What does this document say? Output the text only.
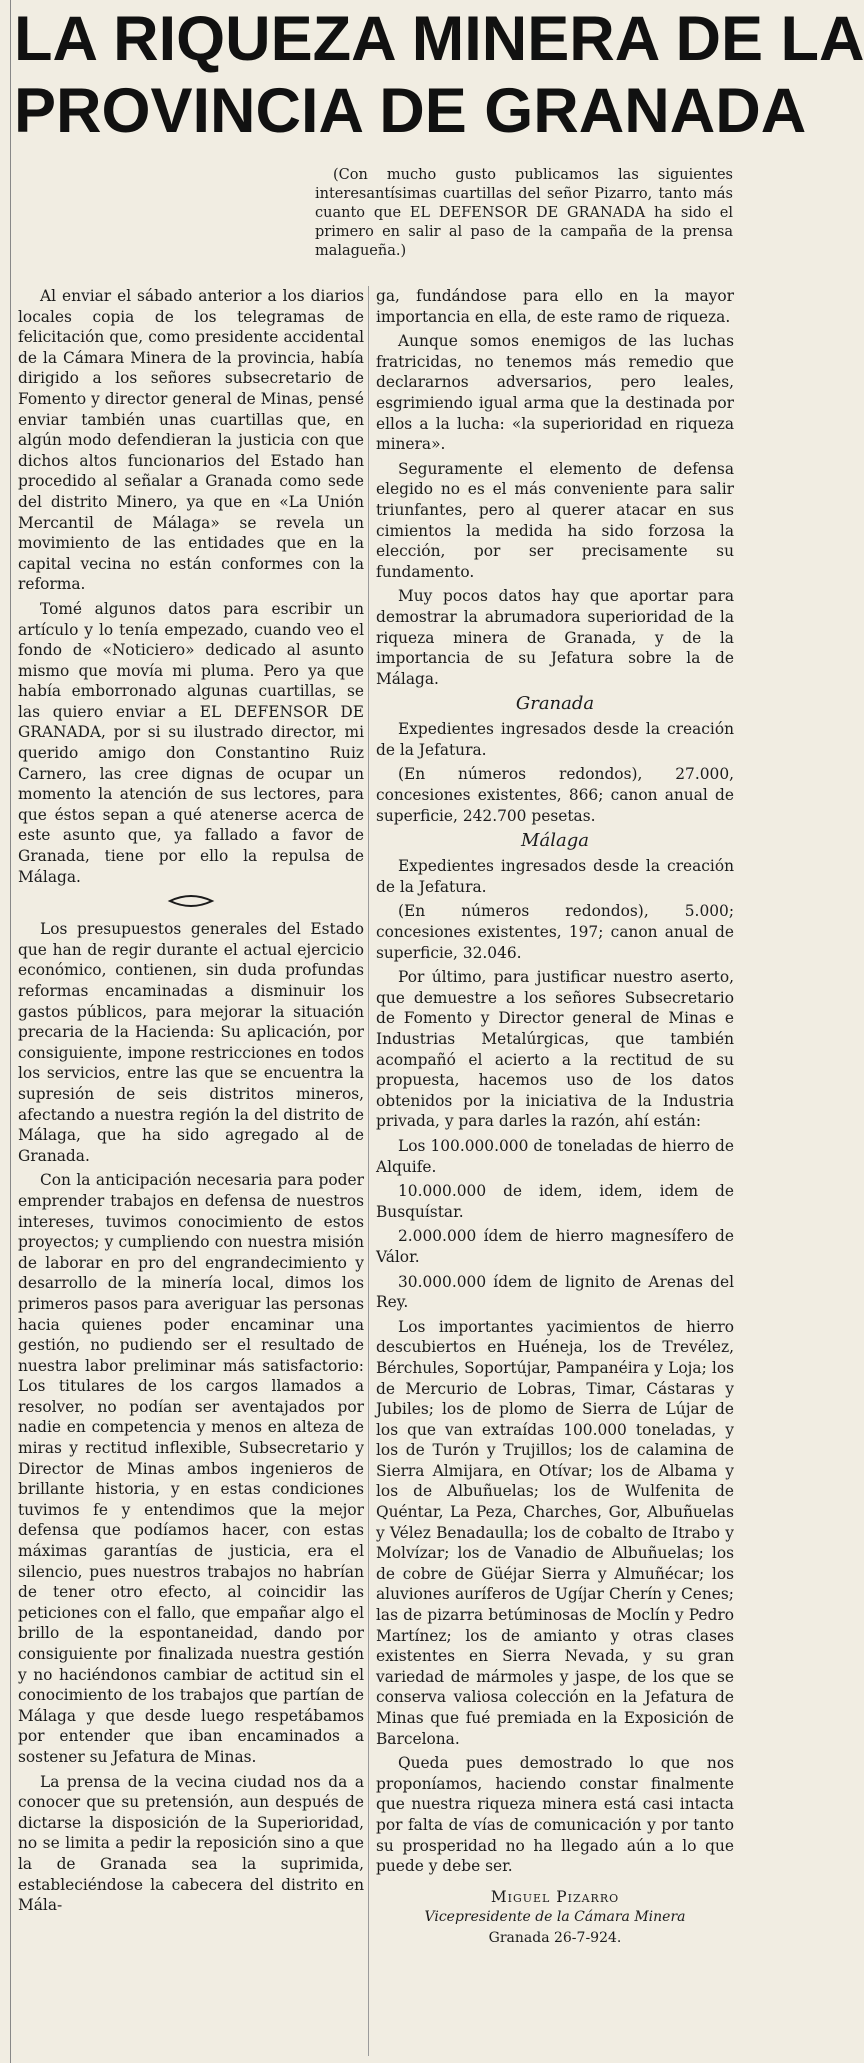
LA RIQUEZA MINERA DE LA
PROVINCIA DE GRANADA
(Con mucho gusto publicamos las siguientes interesantísimas cuartillas del señor Pizarro, tanto más cuanto que EL DEFENSOR DE GRANADA ha sido el primero en salir al paso de la campaña de la prensa malagueña.)

Al enviar el sábado anterior a los diarios locales copia de los telegramas de felicitación que, como presidente accidental de la Cámara Minera de la provincia, había dirigido a los señores subsecretario de Fomento y director general de Minas, pensé enviar también unas cuartillas que, en algún modo defendieran la justicia con que dichos altos funcionarios del Estado han procedido al señalar a Granada como sede del distrito Minero, ya que en «La Unión Mercantil de Málaga» se revela un movimiento de las entidades que en la capital vecina no están conformes con la reforma.

Tomé algunos datos para escribir un artículo y lo tenía empezado, cuando veo el fondo de «Noticiero» dedicado al asunto mismo que movía mi pluma. Pero ya que había emborronado algunas cuartillas, se las quiero enviar a EL DEFENSOR DE GRANADA, por si su ilustrado director, mi querido amigo don Constantino Ruiz Carnero, las cree dignas de ocupar un momento la atención de sus lectores, para que éstos sepan a qué atenerse acerca de este asunto que, ya fallado a favor de Granada, tiene por ello la repulsa de Málaga.

Los presupuestos generales del Estado que han de regir durante el actual ejercicio económico, contienen, sin duda profundas reformas encaminadas a disminuir los gastos públicos, para mejorar la situación precaria de la Hacienda: Su aplicación, por consiguiente, impone restricciones en todos los servicios, entre las que se encuentra la supresión de seis distritos mineros, afectando a nuestra región la del distrito de Málaga, que ha sido agregado al de Granada.

Con la anticipación necesaria para poder emprender trabajos en defensa de nuestros intereses, tuvimos conocimiento de estos proyectos; y cumpliendo con nuestra misión de laborar en pro del engrandecimiento y desarrollo de la minería local, dimos los primeros pasos para averiguar las personas hacia quienes poder encaminar una gestión, no pudiendo ser el resultado de nuestra labor preliminar más satisfactorio: Los titulares de los cargos llamados a resolver, no podían ser aventajados por nadie en competencia y menos en alteza de miras y rectitud inflexible, Subsecretario y Director de Minas ambos ingenieros de brillante historia, y en estas condiciones tuvimos fe y entendimos que la mejor defensa que podíamos hacer, con estas máximas garantías de justicia, era el silencio, pues nuestros trabajos no habrían de tener otro efecto, al coincidir las peticiones con el fallo, que empañar algo el brillo de la espontaneidad, dando por consiguiente por finalizada nuestra gestión y no haciéndonos cambiar de actitud sin el conocimiento de los trabajos que partían de Málaga y que desde luego respetábamos por entender que iban encaminados a sostener su Jefatura de Minas.

La prensa de la vecina ciudad nos da a conocer que su pretensión, aun después de dictarse la disposición de la Superioridad, no se limita a pedir la reposición sino a que la de Granada sea la suprimida, estableciéndose la cabecera del distrito en Mála-

ga, fundándose para ello en la mayor importancia en ella, de este ramo de riqueza.

Aunque somos enemigos de las luchas fratricidas, no tenemos más remedio que declararnos adversarios, pero leales, esgrimiendo igual arma que la destinada por ellos a la lucha: «la superioridad en riqueza minera».

Seguramente el elemento de defensa elegido no es el más conveniente para salir triunfantes, pero al querer atacar en sus cimientos la medida ha sido forzosa la elección, por ser precisamente su fundamento.

Muy pocos datos hay que aportar para demostrar la abrumadora superioridad de la riqueza minera de Granada, y de la importancia de su Jefatura sobre la de Málaga.

Granada

Expedientes ingresados desde la creación de la Jefatura.

(En números redondos), 27.000, concesiones existentes, 866; canon anual de superficie, 242.700 pesetas.

Málaga

Expedientes ingresados desde la creación de la Jefatura.

(En números redondos), 5.000; concesiones existentes, 197; canon anual de superficie, 32.046.

Por último, para justificar nuestro aserto, que demuestre a los señores Subsecretario de Fomento y Director general de Minas e Industrias Metalúrgicas, que también acompañó el acierto a la rectitud de su propuesta, hacemos uso de los datos obtenidos por la iniciativa de la Industria privada, y para darles la razón, ahí están:

Los 100.000.000 de toneladas de hierro de Alquife.

10.000.000 de idem, idem, idem de Busquístar.

2.000.000 ídem de hierro magnesífero de Válor.

30.000.000 ídem de lignito de Arenas del Rey.

Los importantes yacimientos de hierro descubiertos en Huéneja, los de Trevélez, Bérchules, Soportújar, Pampanéira y Loja; los de Mercurio de Lobras, Timar, Cástaras y Jubiles; los de plomo de Sierra de Lújar de los que van extraídas 100.000 toneladas, y los de Turón y Trujillos; los de calamina de Sierra Almijara, en Otívar; los de Albama y los de Albuñuelas; los de Wulfenita de Quéntar, La Peza, Charches, Gor, Albuñuelas y Vélez Benadaulla; los de cobalto de Itrabo y Molvízar; los de Vanadio de Albuñuelas; los de cobre de Güéjar Sierra y Almuñécar; los aluviones auríferos de Ugíjar Cherín y Cenes; las de pizarra betúminosas de Moclín y Pedro Martínez; los de amianto y otras clases existentes en Sierra Nevada, y su gran variedad de mármoles y jaspe, de los que se conserva valiosa colección en la Jefatura de Minas que fué premiada en la Exposición de Barcelona.

Queda pues demostrado lo que nos proponíamos, haciendo constar finalmente que nuestra riqueza minera está casi intacta por falta de vías de comunicación y por tanto su prosperidad no ha llegado aún a lo que puede y debe ser.

Miguel Pizarro
Vicepresidente de la Cámara Minera
Granada 26-7-924.
